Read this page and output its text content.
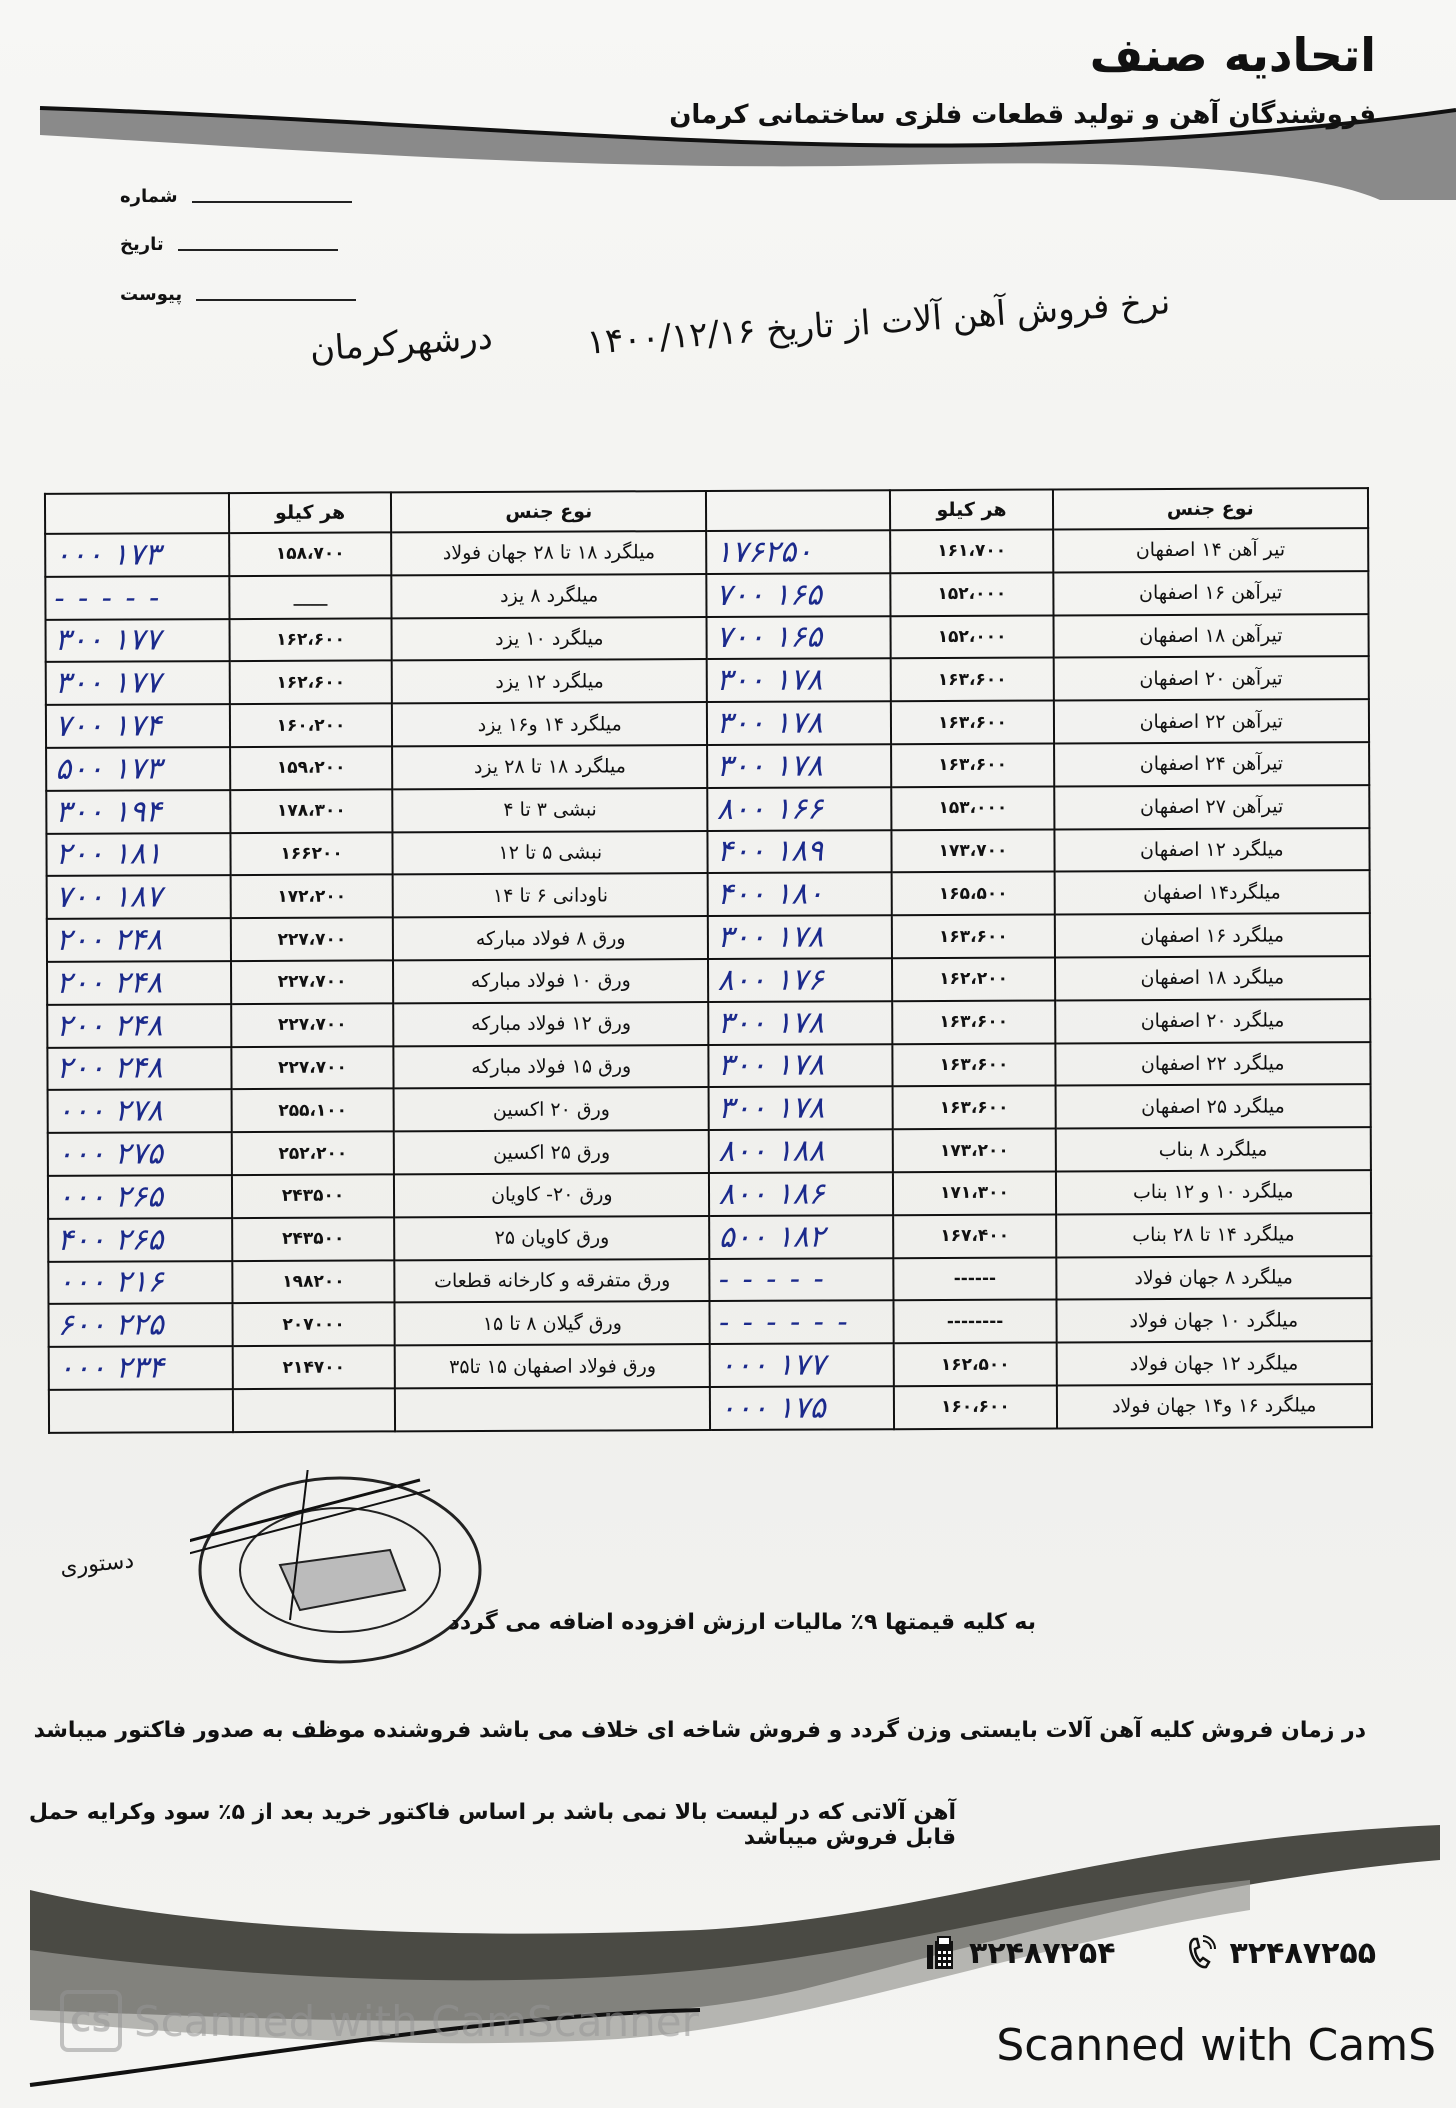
اتحادیه صنف
فروشندگان آهن و تولید قطعات فلزی ساختمانی کرمان
شماره
تاریخ
پیوست
نرخ فروش آهن آلات از تاریخ ۱۴۰۰/۱۲/۱۶
درشهرکرمان
	هر کیلو	نوع جنس		هر کیلو	نوع جنس
۱۷۳ ۰۰۰	۱۵۸،۷۰۰	میلگرد ۱۸ تا ۲۸ جهان فولاد	۱۷۶۲۵۰	۱۶۱،۷۰۰	تیر آهن ۱۴ اصفهان
- - - - -	____	میلگرد ۸ یزد	۱۶۵ ۷۰۰	۱۵۲،۰۰۰	تیرآهن ۱۶ اصفهان
۱۷۷ ۳۰۰	۱۶۲،۶۰۰	میلگرد ۱۰ یزد	۱۶۵ ۷۰۰	۱۵۲،۰۰۰	تیرآهن ۱۸ اصفهان
۱۷۷ ۳۰۰	۱۶۲،۶۰۰	میلگرد ۱۲ یزد	۱۷۸ ۳۰۰	۱۶۳،۶۰۰	تیرآهن ۲۰ اصفهان
۱۷۴ ۷۰۰	۱۶۰،۲۰۰	میلگرد ۱۴ و۱۶ یزد	۱۷۸ ۳۰۰	۱۶۳،۶۰۰	تیرآهن ۲۲ اصفهان
۱۷۳ ۵۰۰	۱۵۹،۲۰۰	میلگرد ۱۸ تا ۲۸ یزد	۱۷۸ ۳۰۰	۱۶۳،۶۰۰	تیرآهن ۲۴ اصفهان
۱۹۴ ۳۰۰	۱۷۸،۳۰۰	نبشی ۳ تا ۴	۱۶۶ ۸۰۰	۱۵۳،۰۰۰	تیرآهن ۲۷ اصفهان
۱۸۱ ۲۰۰	۱۶۶۲۰۰	نبشی ۵ تا ۱۲	۱۸۹ ۴۰۰	۱۷۳،۷۰۰	میلگرد ۱۲ اصفهان
۱۸۷ ۷۰۰	۱۷۲،۲۰۰	ناودانی ۶ تا ۱۴	۱۸۰ ۴۰۰	۱۶۵،۵۰۰	میلگرد۱۴ اصفهان
۲۴۸ ۲۰۰	۲۲۷،۷۰۰	ورق ۸ فولاد مبارکه	۱۷۸ ۳۰۰	۱۶۳،۶۰۰	میلگرد ۱۶ اصفهان
۲۴۸ ۲۰۰	۲۲۷،۷۰۰	ورق ۱۰ فولاد مبارکه	۱۷۶ ۸۰۰	۱۶۲،۲۰۰	میلگرد ۱۸ اصفهان
۲۴۸ ۲۰۰	۲۲۷،۷۰۰	ورق ۱۲ فولاد مبارکه	۱۷۸ ۳۰۰	۱۶۳،۶۰۰	میلگرد ۲۰ اصفهان
۲۴۸ ۲۰۰	۲۲۷،۷۰۰	ورق ۱۵ فولاد مبارکه	۱۷۸ ۳۰۰	۱۶۳،۶۰۰	میلگرد ۲۲ اصفهان
۲۷۸ ۰۰۰	۲۵۵،۱۰۰	ورق ۲۰ اکسین	۱۷۸ ۳۰۰	۱۶۳،۶۰۰	میلگرد ۲۵ اصفهان
۲۷۵ ۰۰۰	۲۵۲،۲۰۰	ورق ۲۵ اکسین	۱۸۸ ۸۰۰	۱۷۳،۲۰۰	میلگرد ۸ بناب
۲۶۵ ۰۰۰	۲۴۳۵۰۰	ورق ۲۰- کاویان	۱۸۶ ۸۰۰	۱۷۱،۳۰۰	میلگرد ۱۰ و ۱۲ بناب
۲۶۵ ۴۰۰	۲۴۳۵۰۰	ورق کاویان ۲۵	۱۸۲ ۵۰۰	۱۶۷،۴۰۰	میلگرد ۱۴ تا ۲۸ بناب
۲۱۶ ۰۰۰	۱۹۸۲۰۰	ورق متفرقه و کارخانه قطعات	- - - - -	------	میلگرد ۸ جهان فولاد
۲۲۵ ۶۰۰	۲۰۷۰۰۰	ورق گیلان ۸ تا ۱۵	- - - - - -	--------	میلگرد ۱۰ جهان فولاد
۲۳۴ ۰۰۰	۲۱۴۷۰۰	ورق فولاد اصفهان ۱۵ تا۳۵	۱۷۷ ۰۰۰	۱۶۲،۵۰۰	میلگرد ۱۲ جهان فولاد
			۱۷۵ ۰۰۰	۱۶۰،۶۰۰	میلگرد ۱۶ و۱۴ جهان فولاد
دستوری
به کلیه قیمتها ۹٪ مالیات ارزش افزوده اضافه می گردد
در زمان فروش کلیه آهن آلات بایستی وزن گردد و فروش شاخه ای خلاف می باشد فروشنده موظف به صدور فاکتور میباشد
آهن آلاتی که در لیست بالا نمی باشد بر اساس فاکتور خرید بعد از ۵٪ سود وکرایه حمل قابل فروش میباشد
۳۲۴۸۷۲۵۴	۳۲۴۸۷۲۵۵
CS Scanned with CamScanner	Scanned with CamS
